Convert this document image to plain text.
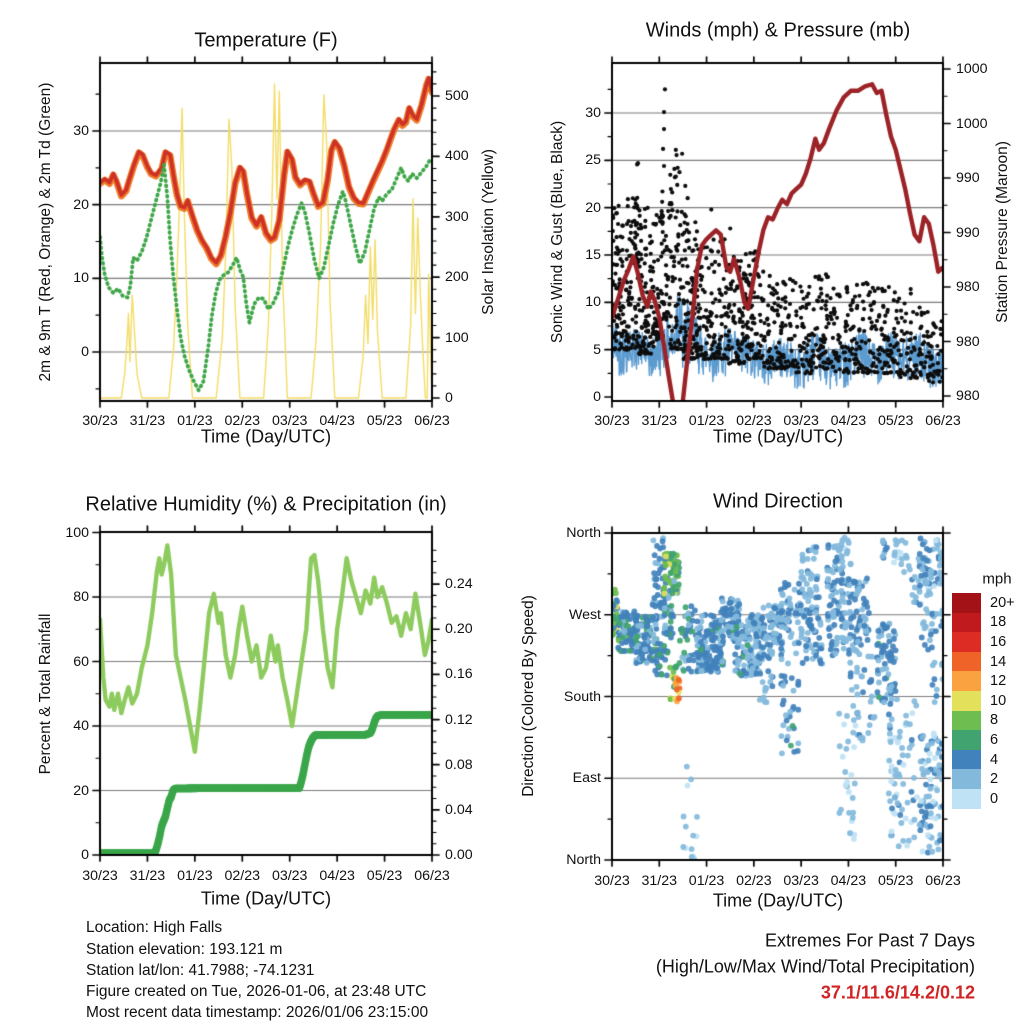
Temperature (F)	Winds (mph) & Pressure (mb)
Relative Humidity (%) & Precipitation (in)	Wind Direction
2m & 9m T (Red, Orange) & 2m Td (Green)	Solar Insolation (Yellow)	Sonic Wind & Gust (Blue, Black)	Station Pressure (Maroon)
Percent & Total Rainfall	Direction (Colored By Speed)
Time (Day/UTC)	Time (Day/UTC)
Time (Day/UTC)	Time (Day/UTC)
mph
20+
18
16
14
12
10
8
6
4
2
0
30/23 31/23 01/23 02/23 03/23 04/23 05/23 06/23	30/23 31/23 01/23 02/23 03/23 04/23 05/23 06/23
30/23 31/23 01/23 02/23 03/23 04/23 05/23 06/23	30/23 31/23 01/23 02/23 03/23 04/23 05/23 06/23
0
10
20
30
0
100
200
300
400
500
0
5
10
15
20
25
30
1000
1000
990
990
980
980
980
0
20
40
60
80
100
0.00
0.04
0.08
0.12
0.16
0.20
0.24
North
West
South
East
North
Location: High Falls
Station elevation: 193.121 m
Station lat/lon: 41.7988; -74.1231
Figure created on Tue, 2026-01-06, at 23:48 UTC
Most recent data timestamp: 2026/01/06 23:15:00
Extremes For Past 7 Days
(High/Low/Max Wind/Total Precipitation)
37.1/11.6/14.2/0.12
